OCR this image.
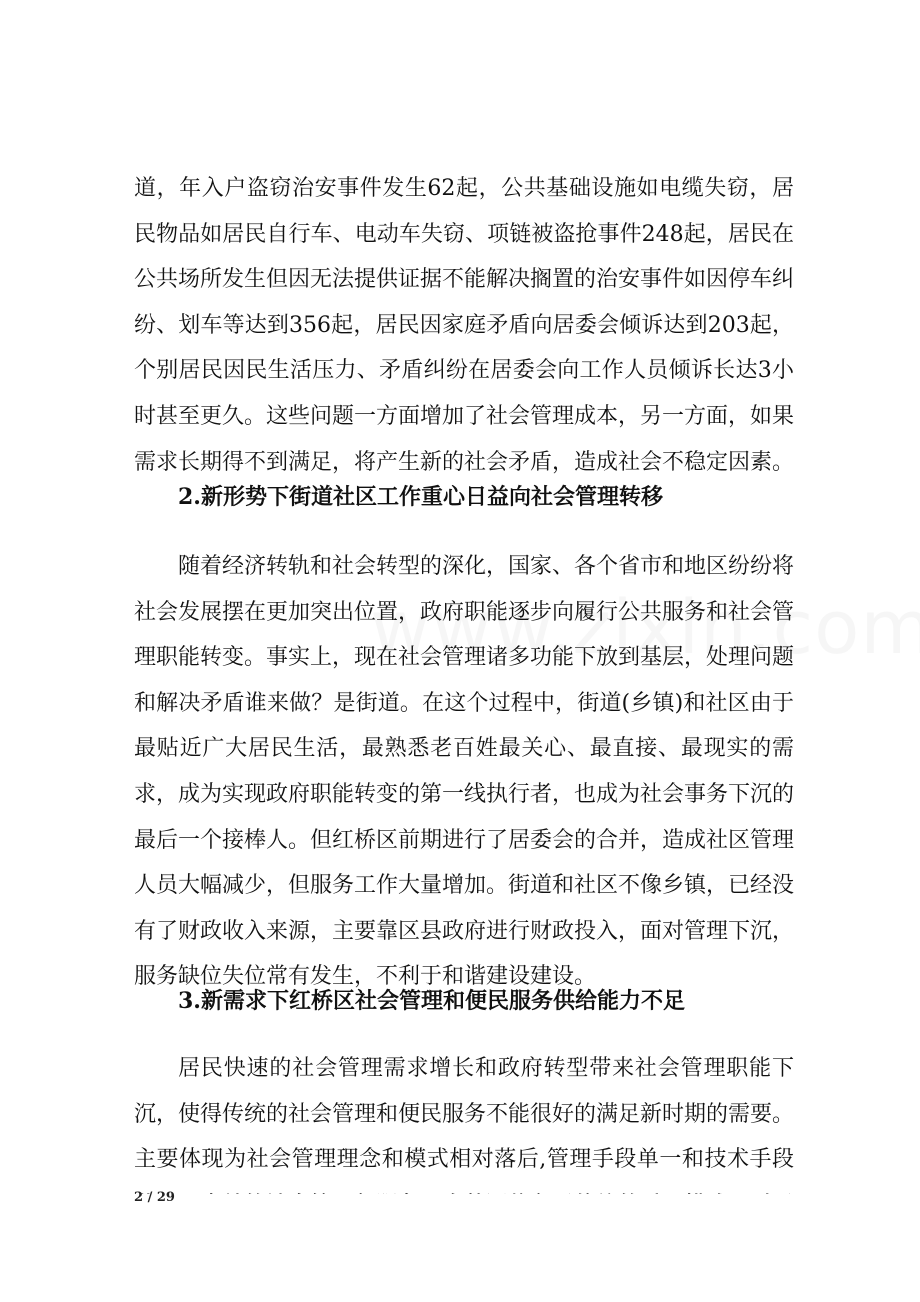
道，年入户盗窃治安事件发生62起，公共基础设施如电缆失窃，居民物品如居民自行车、电动车失窃、项链被盗抢事件248起，居民在公共场所发生但因无法提供证据不能解决搁置的治安事件如因停车纠纷、划车等达到356起，居民因家庭矛盾向居委会倾诉达到203起，个别居民因民生活压力、矛盾纠纷在居委会向工作人员倾诉长达3小时甚至更久。这些问题一方面增加了社会管理成本，另一方面，如果需求长期得不到满足，将产生新的社会矛盾，造成社会不稳定因素。

2.新形势下街道社区工作重心日益向社会管理转移

随着经济转轨和社会转型的深化，国家、各个省市和地区纷纷将社会发展摆在更加突出位置，政府职能逐步向履行公共服务和社会管理职能转变。事实上，现在社会管理诸多功能下放到基层，处理问题和解决矛盾谁来做？是街道。在这个过程中，街道(乡镇)和社区由于最贴近广大居民生活，最熟悉老百姓最关心、最直接、最现实的需求，成为实现政府职能转变的第一线执行者，也成为社会事务下沉的最后一个接棒人。但红桥区前期进行了居委会的合并，造成社区管理人员大幅减少，但服务工作大量增加。街道和社区不像乡镇，已经没有了财政收入来源，主要靠区县政府进行财政投入，面对管理下沉，服务缺位失位常有发生，不利于和谐建设建设。

3.新需求下红桥区社会管理和便民服务供给能力不足

居民快速的社会管理需求增长和政府转型带来社会管理职能下沉，使得传统的社会管理和便民服务不能很好的满足新时期的需要。主要体现为社会管理理念和模式相对落后,管理手段单一和技术手段

2 / 29
